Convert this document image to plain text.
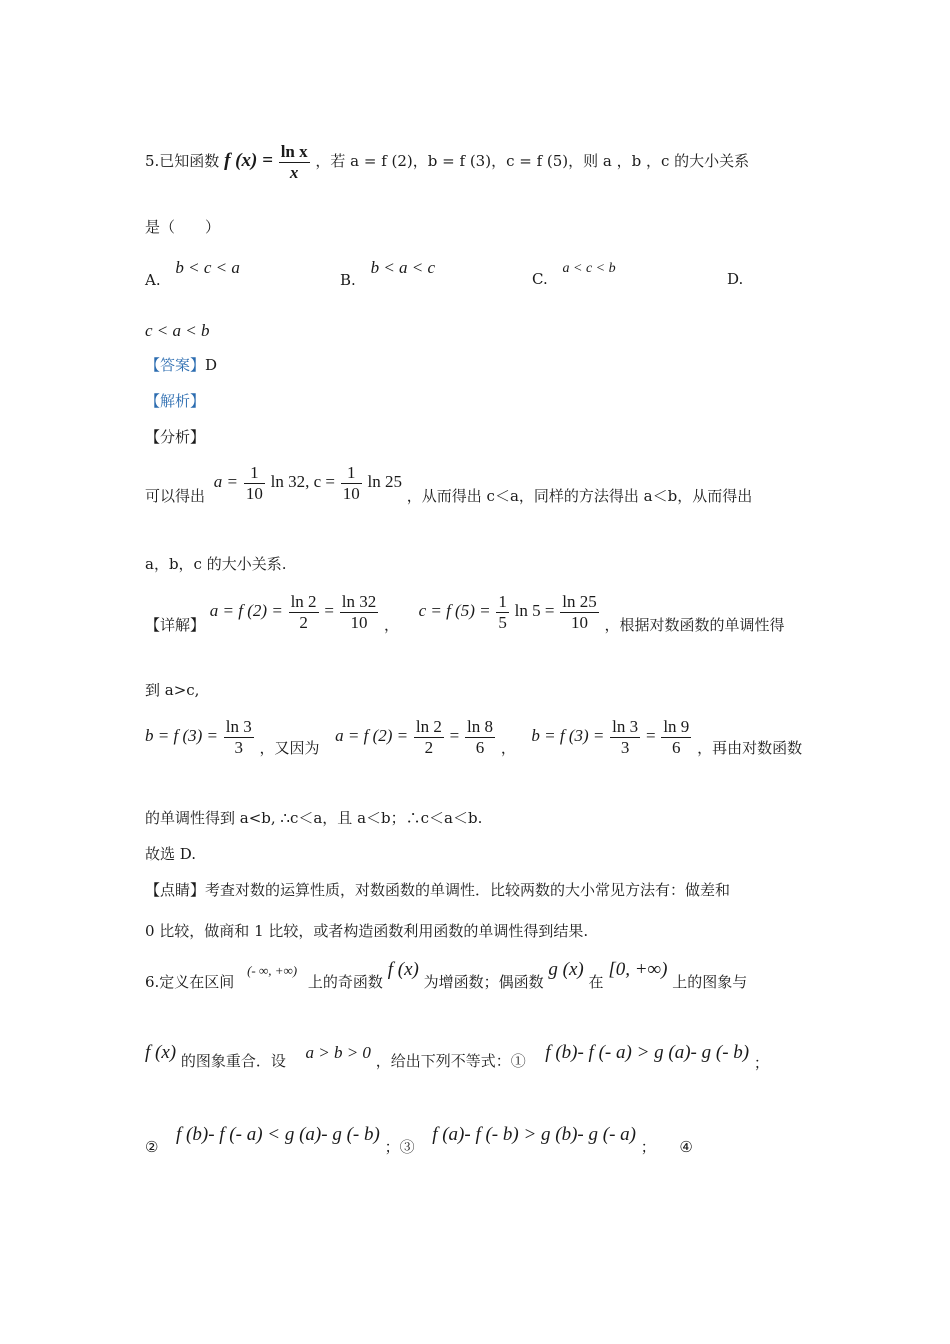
5.已知函数 f $(x) = \frac{\text{ln x}}{x}$ ，若 a = f (2)，b = f (3)，c = f (5)，则 a ，b ，c 的大小关系
是（　　）
A. b < c < a
B. b < a < c
C. a < c < b
D.
c < a < b
【答案】D
【解析】
【分析】
可以得出 $a = \frac{1}{10}$ ln 32, $c = \frac{1}{10}$ ln 25 ，从而得出 c＜a，同样的方法得出 a＜b，从而得出
a，b，c 的大小关系.
【详解】 a = f $(2) = \frac{\ln 2}{2} = \frac{\ln 32}{10}$ ，  c = f $(5) = \frac{1}{5}$ $\ln 5 = \frac{\ln 25}{10}$ ，根据对数函数的单调性得
到 a>c,
b = f $(3) = \frac{\ln 3}{3}$ ，又因为  a = f $(2) = \frac{\ln 2}{2} = \frac{\ln 8}{6}$ ，  b = f $(3) = \frac{\ln 3}{3} = \frac{\ln 9}{6}$ ，再由对数函数
的单调性得到 a<b, ∴c＜a，且 a＜b；∴c＜a＜b.
故选 D.
【点睛】考查对数的运算性质，对数函数的单调性．比较两数的大小常见方法有：做差和
0 比较，做商和 1 比较，或者构造函数利用函数的单调性得到结果.
6.定义在区间 (- ∞, +∞) 上的奇函数 f (x) 为增函数；偶函数 g (x) 在 [0, +∞) 上的图象与
f (x) 的图象重合．设 a > b > 0 ，给出下列不等式：① f (b)- f (- a) > g (a)- g (- b) ；
②  f (b)- f (- a) < g (a)- g (- b) ；③  f (a)- f (- b) > g (b)- g (- a) ； ④
